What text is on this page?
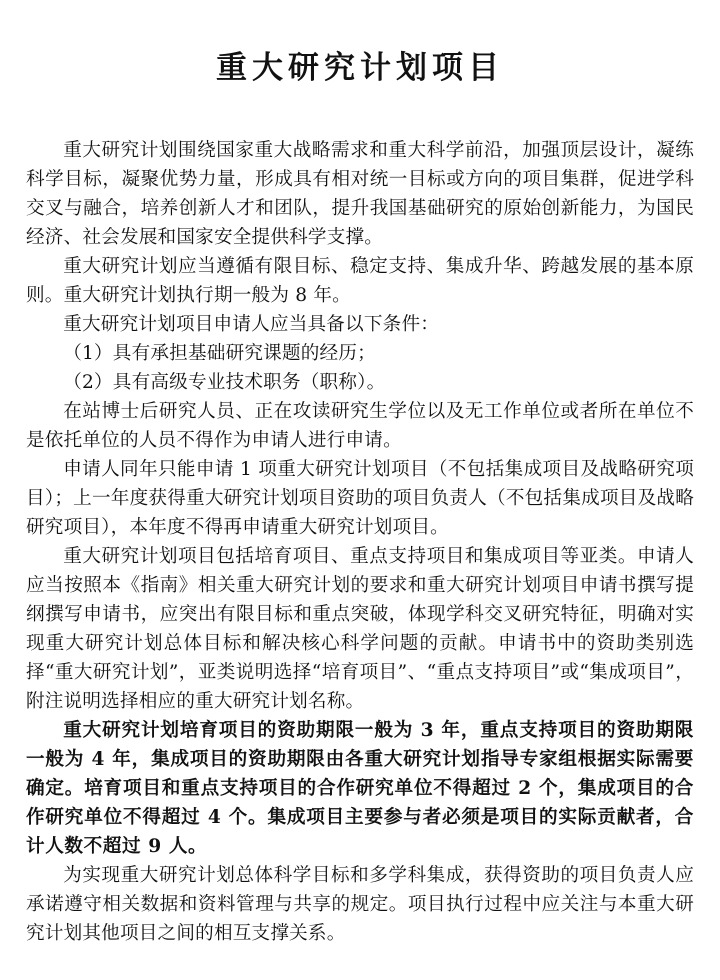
重大研究计划项目

重大研究计划围绕国家重大战略需求和重大科学前沿，加强顶层设计，凝练科学目标，凝聚优势力量，形成具有相对统一目标或方向的项目集群，促进学科交叉与融合，培养创新人才和团队，提升我国基础研究的原始创新能力，为国民经济、社会发展和国家安全提供科学支撑。

重大研究计划应当遵循有限目标、稳定支持、集成升华、跨越发展的基本原则。重大研究计划执行期一般为 8 年。

重大研究计划项目申请人应当具备以下条件：

（1）具有承担基础研究课题的经历；

（2）具有高级专业技术职务（职称）。

在站博士后研究人员、正在攻读研究生学位以及无工作单位或者所在单位不是依托单位的人员不得作为申请人进行申请。

申请人同年只能申请 1 项重大研究计划项目（不包括集成项目及战略研究项目）；上一年度获得重大研究计划项目资助的项目负责人（不包括集成项目及战略研究项目），本年度不得再申请重大研究计划项目。

重大研究计划项目包括培育项目、重点支持项目和集成项目等亚类。申请人应当按照本《指南》相关重大研究计划的要求和重大研究计划项目申请书撰写提纲撰写申请书，应突出有限目标和重点突破，体现学科交叉研究特征，明确对实现重大研究计划总体目标和解决核心科学问题的贡献。申请书中的资助类别选择“重大研究计划”，亚类说明选择“培育项目”、“重点支持项目”或“集成项目”，附注说明选择相应的重大研究计划名称。

重大研究计划培育项目的资助期限一般为 3 年，重点支持项目的资助期限一般为 4 年，集成项目的资助期限由各重大研究计划指导专家组根据实际需要确定。培育项目和重点支持项目的合作研究单位不得超过 2 个，集成项目的合作研究单位不得超过 4 个。集成项目主要参与者必须是项目的实际贡献者，合计人数不超过 9 人。

为实现重大研究计划总体科学目标和多学科集成，获得资助的项目负责人应承诺遵守相关数据和资料管理与共享的规定。项目执行过程中应关注与本重大研究计划其他项目之间的相互支撑关系。
